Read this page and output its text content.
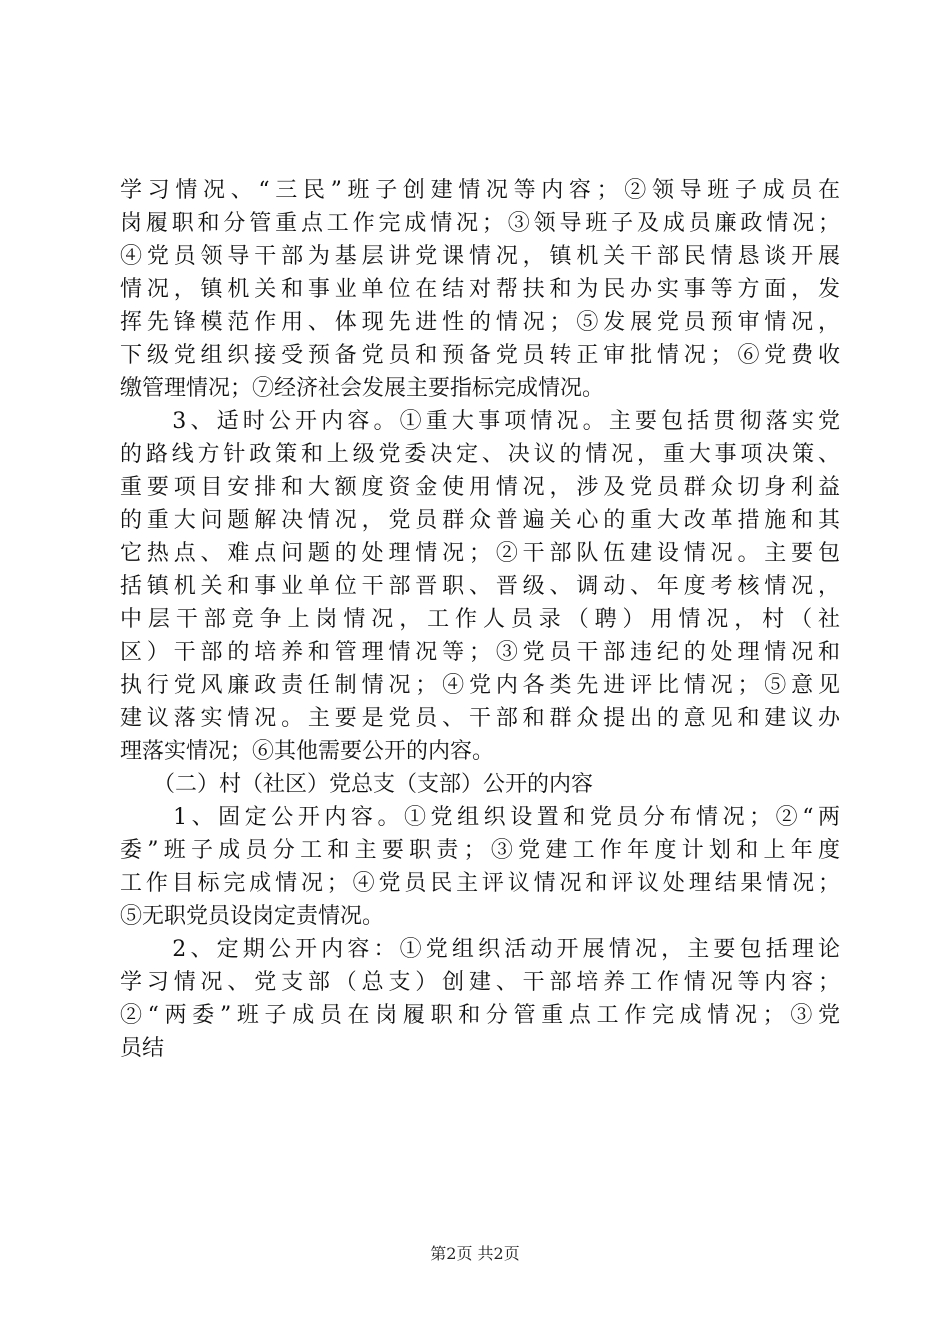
学习情况、“三民”班子创建情况等内容；②领导班子成员在
岗履职和分管重点工作完成情况；③领导班子及成员廉政情况；
④党员领导干部为基层讲党课情况，镇机关干部民情恳谈开展
情况，镇机关和事业单位在结对帮扶和为民办实事等方面，发
挥先锋模范作用、体现先进性的情况；⑤发展党员预审情况，
下级党组织接受预备党员和预备党员转正审批情况；⑥党费收
缴管理情况；⑦经济社会发展主要指标完成情况。
　　3、适时公开内容。①重大事项情况。主要包括贯彻落实党
的路线方针政策和上级党委决定、决议的情况，重大事项决策、
重要项目安排和大额度资金使用情况，涉及党员群众切身利益
的重大问题解决情况，党员群众普遍关心的重大改革措施和其
它热点、难点问题的处理情况；②干部队伍建设情况。主要包
括镇机关和事业单位干部晋职、晋级、调动、年度考核情况，
中层干部竞争上岗情况，工作人员录（聘）用情况，村（社
区）干部的培养和管理情况等；③党员干部违纪的处理情况和
执行党风廉政责任制情况；④党内各类先进评比情况；⑤意见
建议落实情况。主要是党员、干部和群众提出的意见和建议办
理落实情况；⑥其他需要公开的内容。
　　（二）村（社区）党总支（支部）公开的内容
　　1、固定公开内容。①党组织设置和党员分布情况；②“两
委”班子成员分工和主要职责；③党建工作年度计划和上年度
工作目标完成情况；④党员民主评议情况和评议处理结果情况；
⑤无职党员设岗定责情况。
　　2、定期公开内容：①党组织活动开展情况，主要包括理论
学习情况、党支部（总支）创建、干部培养工作情况等内容；
②“两委”班子成员在岗履职和分管重点工作完成情况；③党
员结
第2页 共2页
